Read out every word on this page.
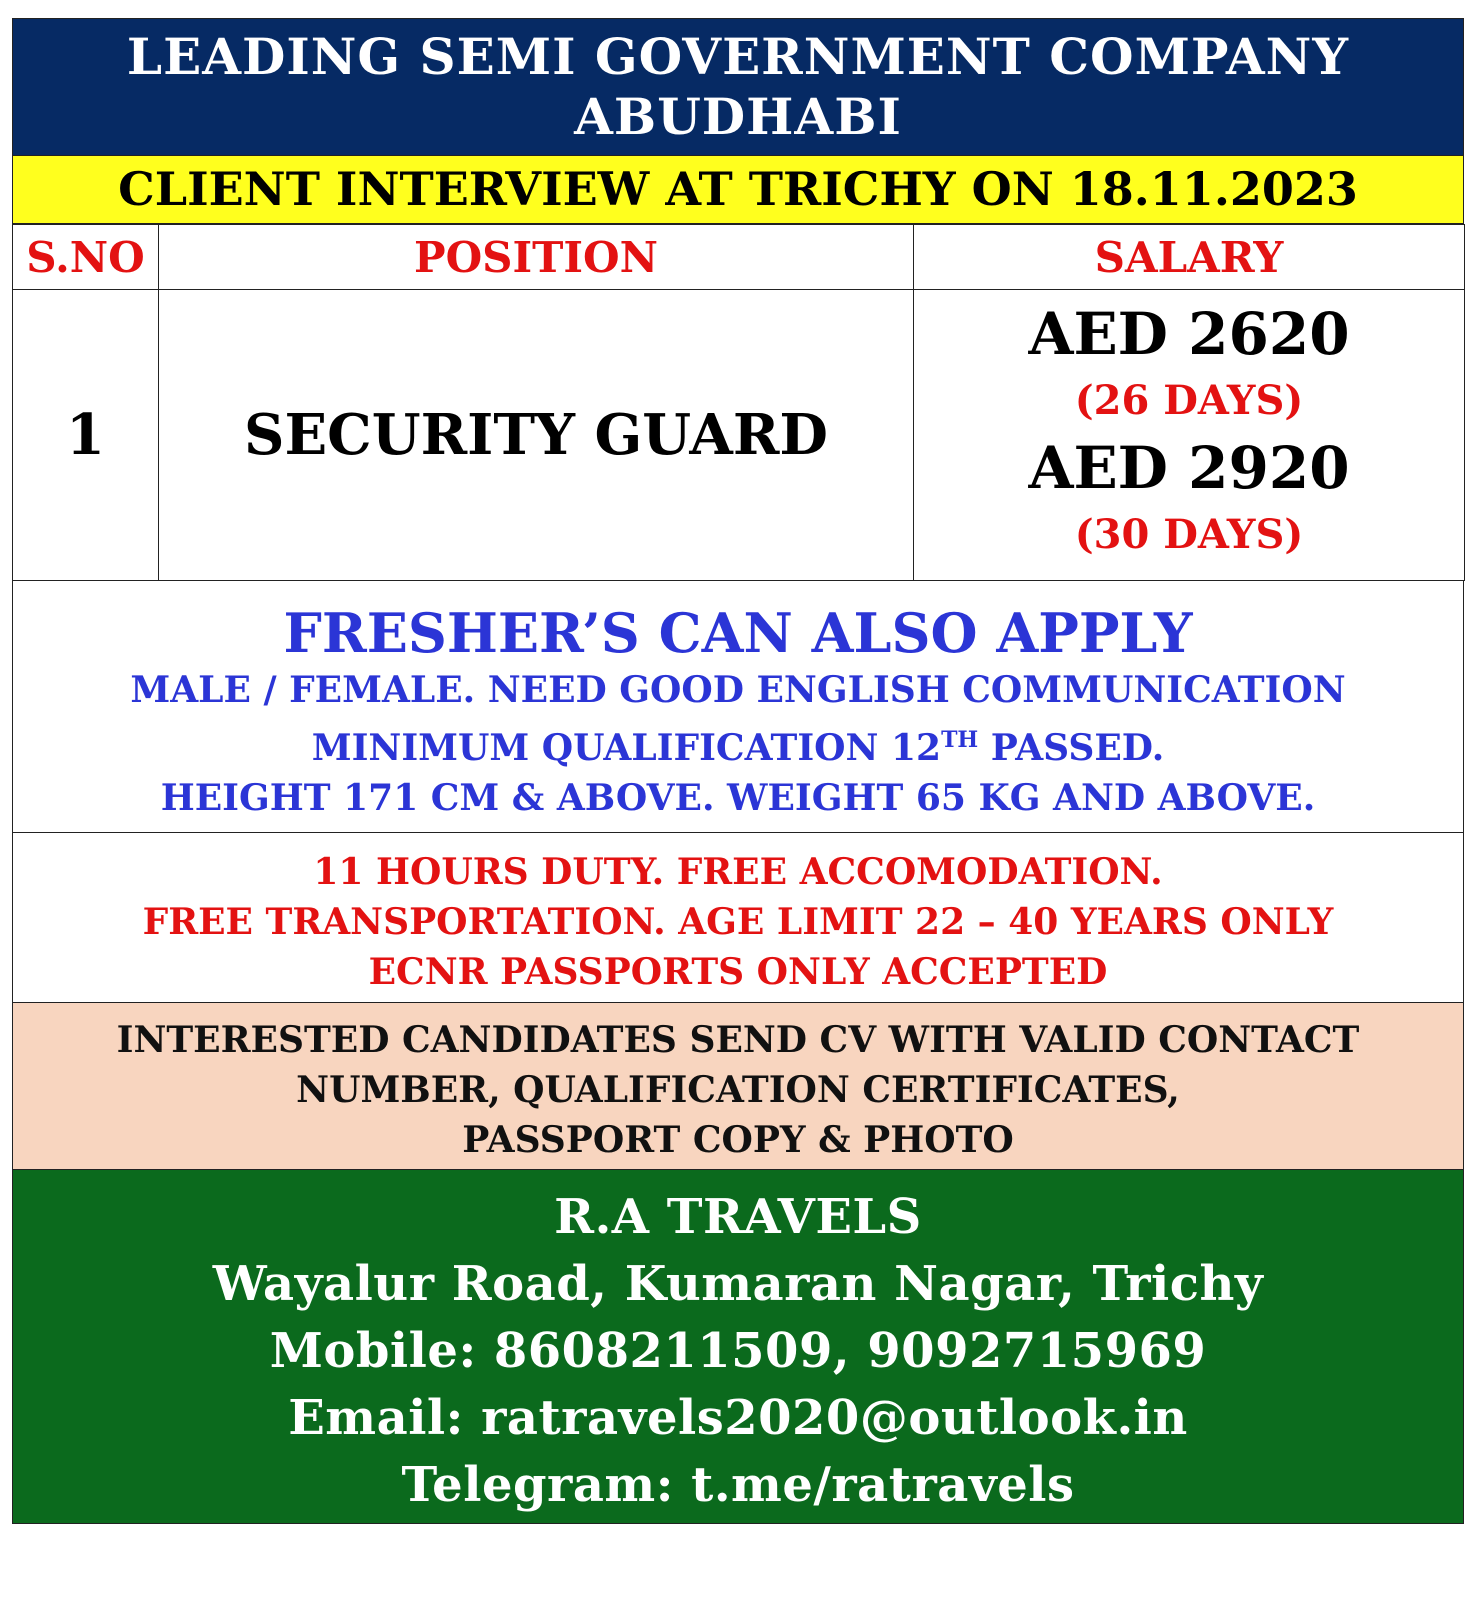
LEADING SEMI GOVERNMENT COMPANY
ABUDHABI
CLIENT INTERVIEW AT TRICHY ON 18.11.2023
S.NO	POSITION	SALARY
1	SECURITY GUARD	AED 2620
(26 DAYS)
AED 2920
(30 DAYS)
FRESHER’S CAN ALSO APPLY
MALE / FEMALE. NEED GOOD ENGLISH COMMUNICATION
MINIMUM QUALIFICATION 12TH PASSED.
HEIGHT 171 CM & ABOVE. WEIGHT 65 KG AND ABOVE.
11 HOURS DUTY. FREE ACCOMODATION.
FREE TRANSPORTATION. AGE LIMIT 22 – 40 YEARS ONLY
ECNR PASSPORTS ONLY ACCEPTED
INTERESTED CANDIDATES SEND CV WITH VALID CONTACT
NUMBER, QUALIFICATION CERTIFICATES,
PASSPORT COPY & PHOTO
R.A TRAVELS
Wayalur Road, Kumaran Nagar, Trichy
Mobile: 8608211509, 9092715969
Email: ratravels2020@outlook.in
Telegram: t.me/ratravels
